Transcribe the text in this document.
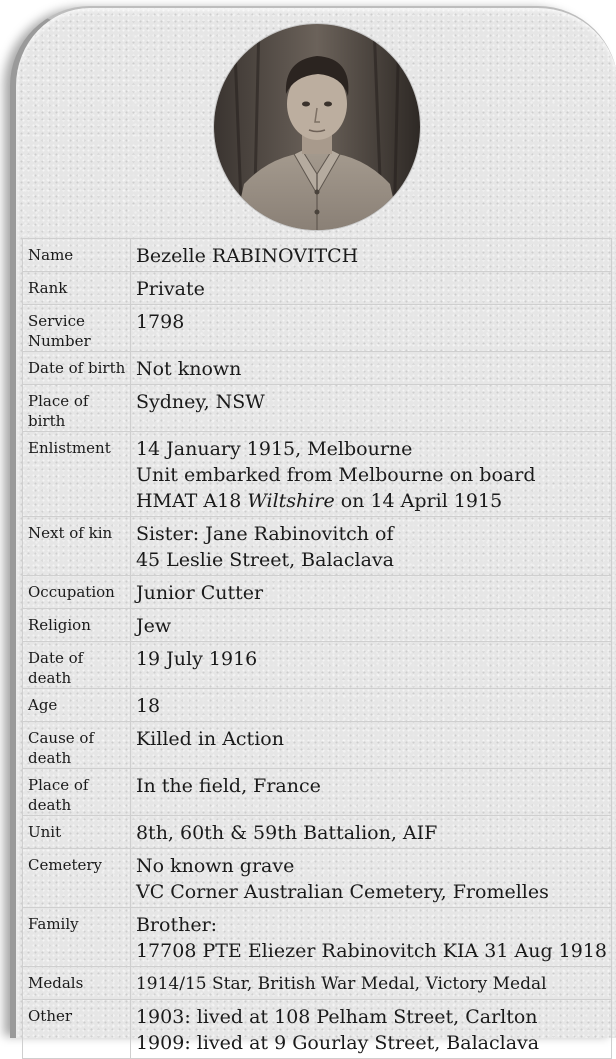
Name	Bezelle RABINOVITCH

Rank	Private

Service Number	1798

Date of birth	Not known

Place of birth	Sydney, NSW

Enlistment	14 January 1915, Melbourne
Unit embarked from Melbourne on board
HMAT A18 Wiltshire on 14 April 1915

Next of kin	Sister: Jane Rabinovitch of
45 Leslie Street, Balaclava

Occupation	Junior Cutter

Religion	Jew

Date of death	19 July 1916

Age	18

Cause of death	Killed in Action

Place of death	In the field, France

Unit	8th, 60th & 59th Battalion, AIF

Cemetery	No known grave
VC Corner Australian Cemetery, Fromelles

Family	Brother:
17708 PTE Eliezer Rabinovitch KIA 31 Aug 1918

Medals	1914/15 Star, British War Medal, Victory Medal

Other	1903: lived at 108 Pelham Street, Carlton
1909: lived at 9 Gourlay Street, Balaclava
